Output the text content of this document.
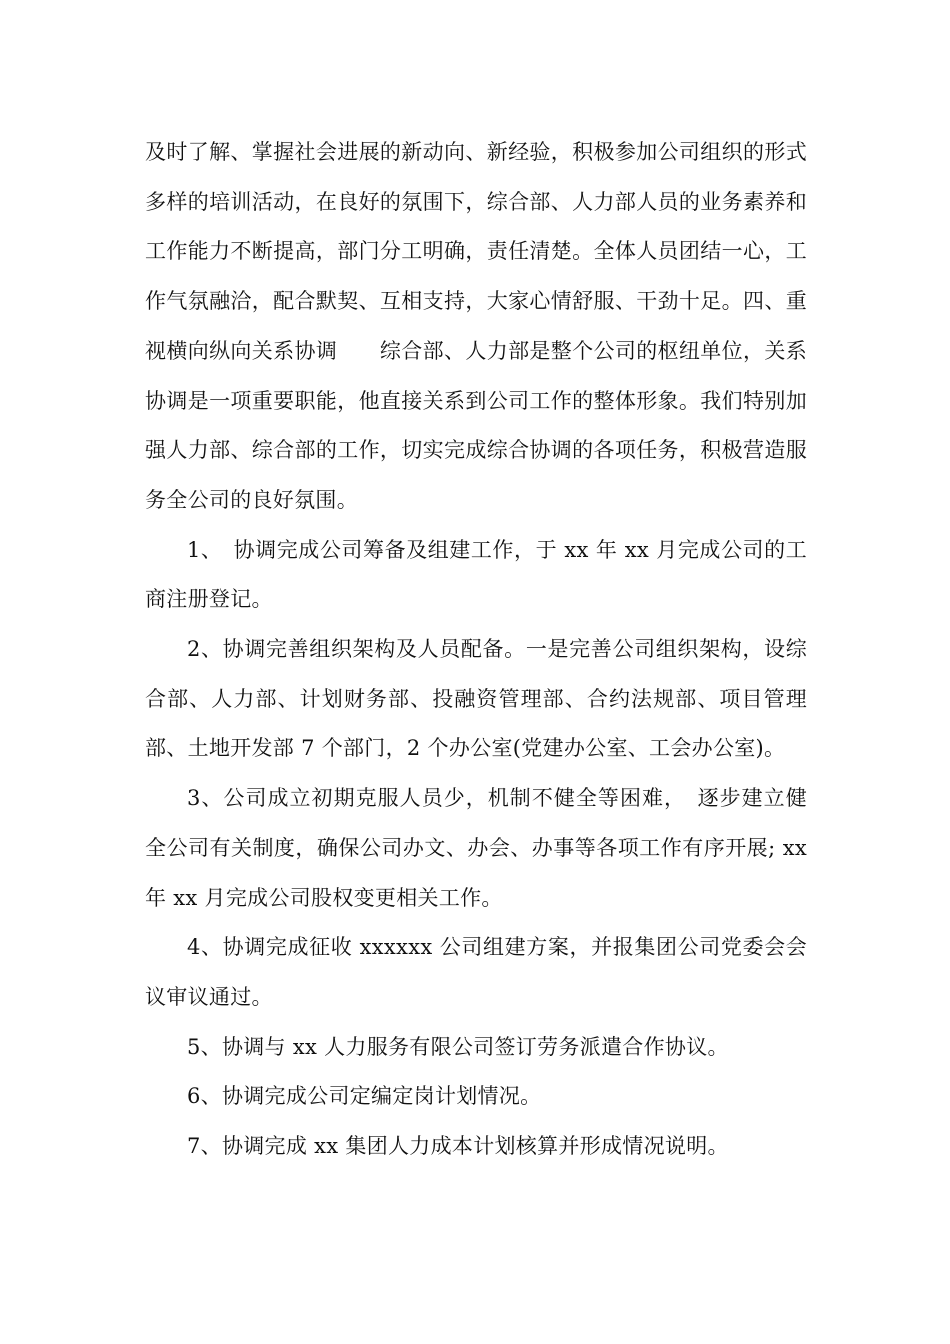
及时了解、掌握社会进展的新动向、新经验，积极参加公司组织的形式多样的培训活动，在良好的氛围下，综合部、人力部人员的业务素养和工作能力不断提高，部门分工明确，责任清楚。全体人员团结一心，工作气氛融洽，配合默契、互相支持，大家心情舒服、干劲十足。四、重视横向纵向关系协调　　综合部、人力部是整个公司的枢纽单位，关系协调是一项重要职能，他直接关系到公司工作的整体形象。我们特别加强人力部、综合部的工作，切实完成综合协调的各项任务，积极营造服务全公司的良好氛围。

1、　协调完成公司筹备及组建工作，于 xx 年 xx 月完成公司的工商注册登记。

2、协调完善组织架构及人员配备。一是完善公司组织架构，设综合部、人力部、计划财务部、投融资管理部、合约法规部、项目管理部、土地开发部 7 个部门，2 个办公室(党建办公室、工会办公室)。

3、公司成立初期克服人员少，机制不健全等困难，　逐步建立健全公司有关制度，确保公司办文、办会、办事等各项工作有序开展; xx 年 xx 月完成公司股权变更相关工作。

4、协调完成征收 xxxxxx 公司组建方案，并报集团公司党委会会议审议通过。

5、协调与 xx 人力服务有限公司签订劳务派遣合作协议。

6、协调完成公司定编定岗计划情况。

7、协调完成 xx 集团人力成本计划核算并形成情况说明。
